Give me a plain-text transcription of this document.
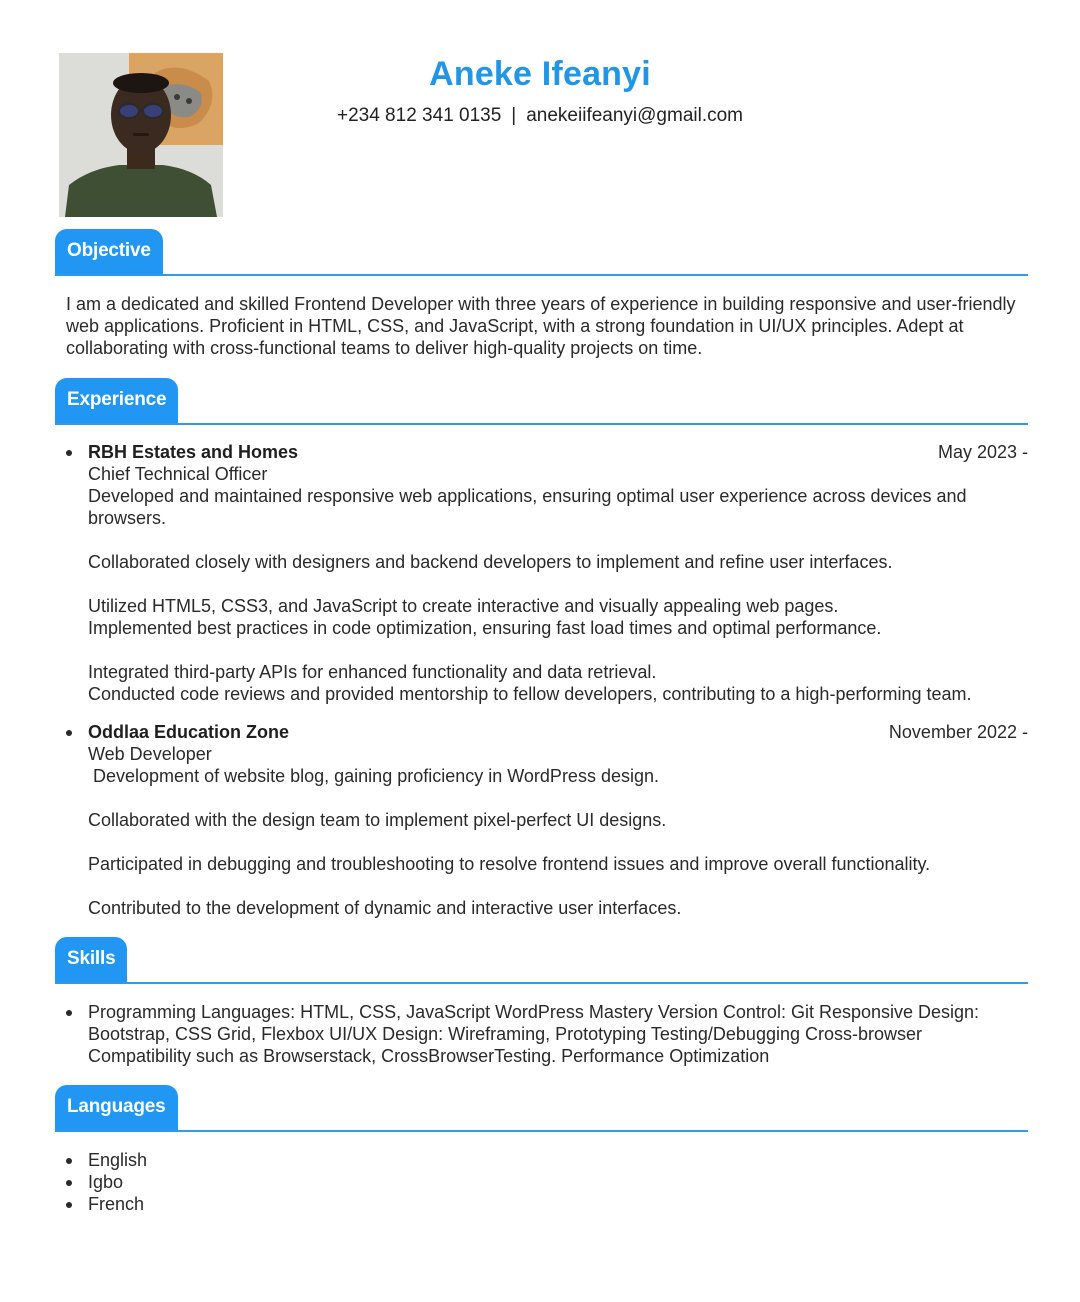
Aneke Ifeanyi
+234 812 341 0135 | anekeiifeanyi@gmail.com
Objective
I am a dedicated and skilled Frontend Developer with three years of experience in building responsive and user-friendly web applications. Proficient in HTML, CSS, and JavaScript, with a strong foundation in UI/UX principles. Adept at collaborating with cross-functional teams to deliver high-quality projects on time.
Experience
RBH Estates and Homes	May 2023 -
Chief Technical Officer
Developed and maintained responsive web applications, ensuring optimal user experience across devices and browsers.
Collaborated closely with designers and backend developers to implement and refine user interfaces.
Utilized HTML5, CSS3, and JavaScript to create interactive and visually appealing web pages.
Implemented best practices in code optimization, ensuring fast load times and optimal performance.
Integrated third-party APIs for enhanced functionality and data retrieval.
Conducted code reviews and provided mentorship to fellow developers, contributing to a high-performing team.
Oddlaa Education Zone	November 2022 -
Web Developer
Development of website blog, gaining proficiency in WordPress design.
Collaborated with the design team to implement pixel-perfect UI designs.
Participated in debugging and troubleshooting to resolve frontend issues and improve overall functionality.
Contributed to the development of dynamic and interactive user interfaces.
Skills
Programming Languages: HTML, CSS, JavaScript WordPress Mastery Version Control: Git Responsive Design: Bootstrap, CSS Grid, Flexbox UI/UX Design: Wireframing, Prototyping Testing/Debugging Cross-browser Compatibility such as Browserstack, CrossBrowserTesting. Performance Optimization
Languages
English
Igbo
French
